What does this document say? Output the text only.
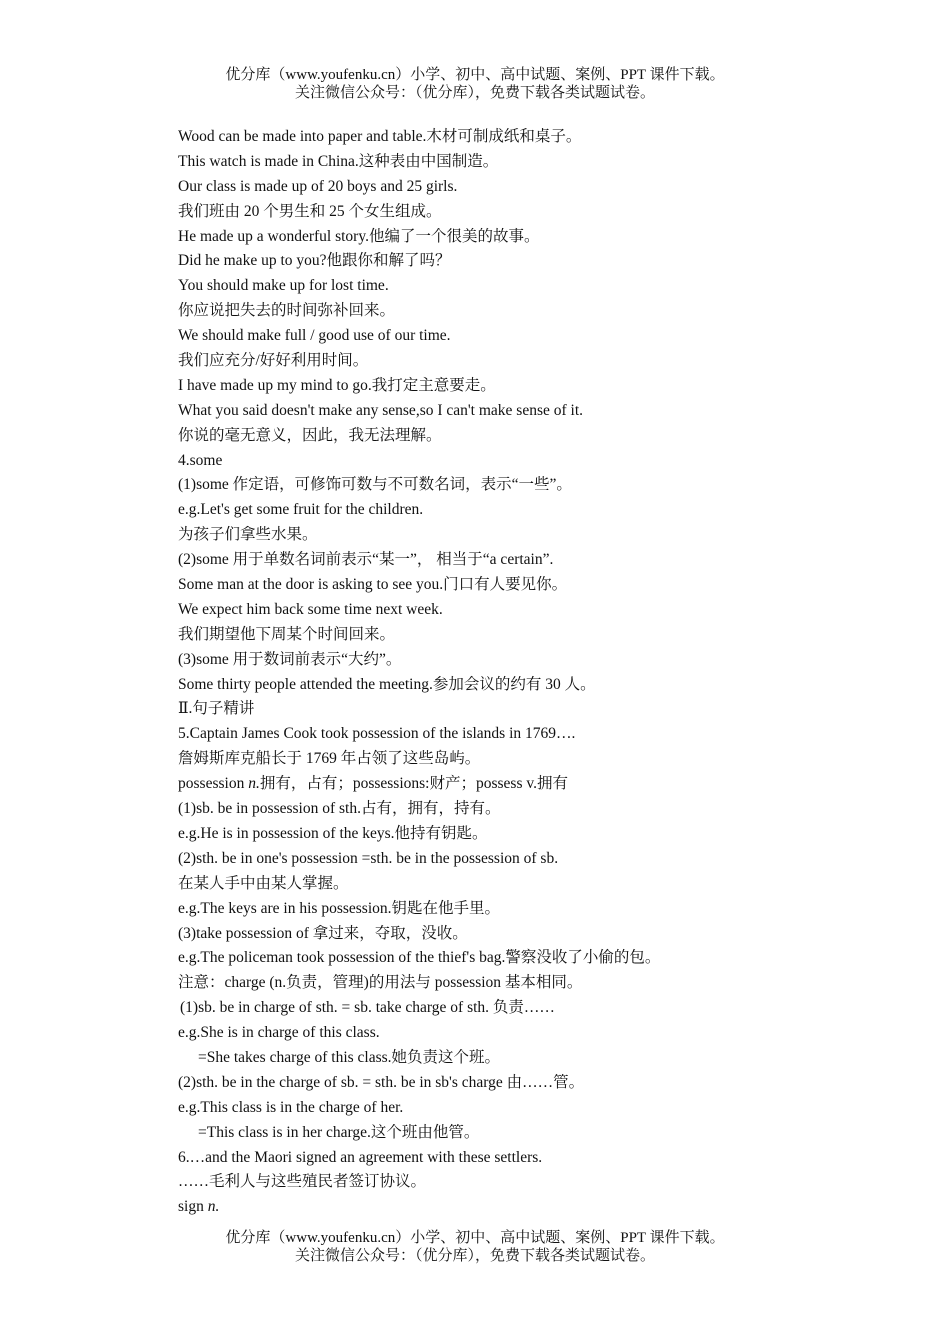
优分库（www.youfenku.cn）小学、初中、高中试题、案例、PPT 课件下载。
关注微信公众号：（优分库），免费下载各类试题试卷。
Wood can be made into paper and table.木材可制成纸和桌子。
This watch is made in China.这种表由中国制造。
Our class is made up of 20 boys and 25 girls.
我们班由 20 个男生和 25 个女生组成。
He made up a wonderful story.他编了一个很美的故事。
Did he make up to you?他跟你和解了吗？
You should make up for lost time.
你应说把失去的时间弥补回来。
We should make full / good use of our time.
我们应充分/好好利用时间。
I have made up my mind to go.我打定主意要走。
What you said doesn't make any sense,so I can't make sense of it.
你说的毫无意义，因此，我无法理解。
4.some
(1)some 作定语，可修饰可数与不可数名词，表示“一些”。
e.g.Let's get some fruit for the children.
为孩子们拿些水果。
(2)some 用于单数名词前表示“某一”， 相当于“a certain”.
Some man at the door is asking to see you.门口有人要见你。
We expect him back some time next week.
我们期望他下周某个时间回来。
(3)some 用于数词前表示“大约”。
Some thirty people attended the meeting.参加会议的约有 30 人。
Ⅱ.句子精讲
5.Captain James Cook took possession of the islands in 1769….
詹姆斯库克船长于 1769 年占领了这些岛屿。
possession n.拥有，占有；possessions:财产；possess v.拥有
(1)sb. be in possession of sth.占有，拥有，持有。
e.g.He is in possession of the keys.他持有钥匙。
(2)sth. be in one's possession =sth. be in the possession of sb.
在某人手中由某人掌握。
e.g.The keys are in his possession.钥匙在他手里。
(3)take possession of 拿过来，夺取，没收。
e.g.The policeman took possession of the thief's bag.警察没收了小偷的包。
注意：charge (n.负责，管理)的用法与 possession 基本相同。
(1)sb. be in charge of sth. = sb. take charge of sth. 负责……
e.g.She is in charge of this class.
=She takes charge of this class.她负责这个班。
(2)sth. be in the charge of sb. = sth. be in sb's charge 由……管。
e.g.This class is in the charge of her.
=This class is in her charge.这个班由他管。
6.…and the Maori signed an agreement with these settlers.
……毛利人与这些殖民者签订协议。
sign n.
优分库（www.youfenku.cn）小学、初中、高中试题、案例、PPT 课件下载。
关注微信公众号：（优分库），免费下载各类试题试卷。
